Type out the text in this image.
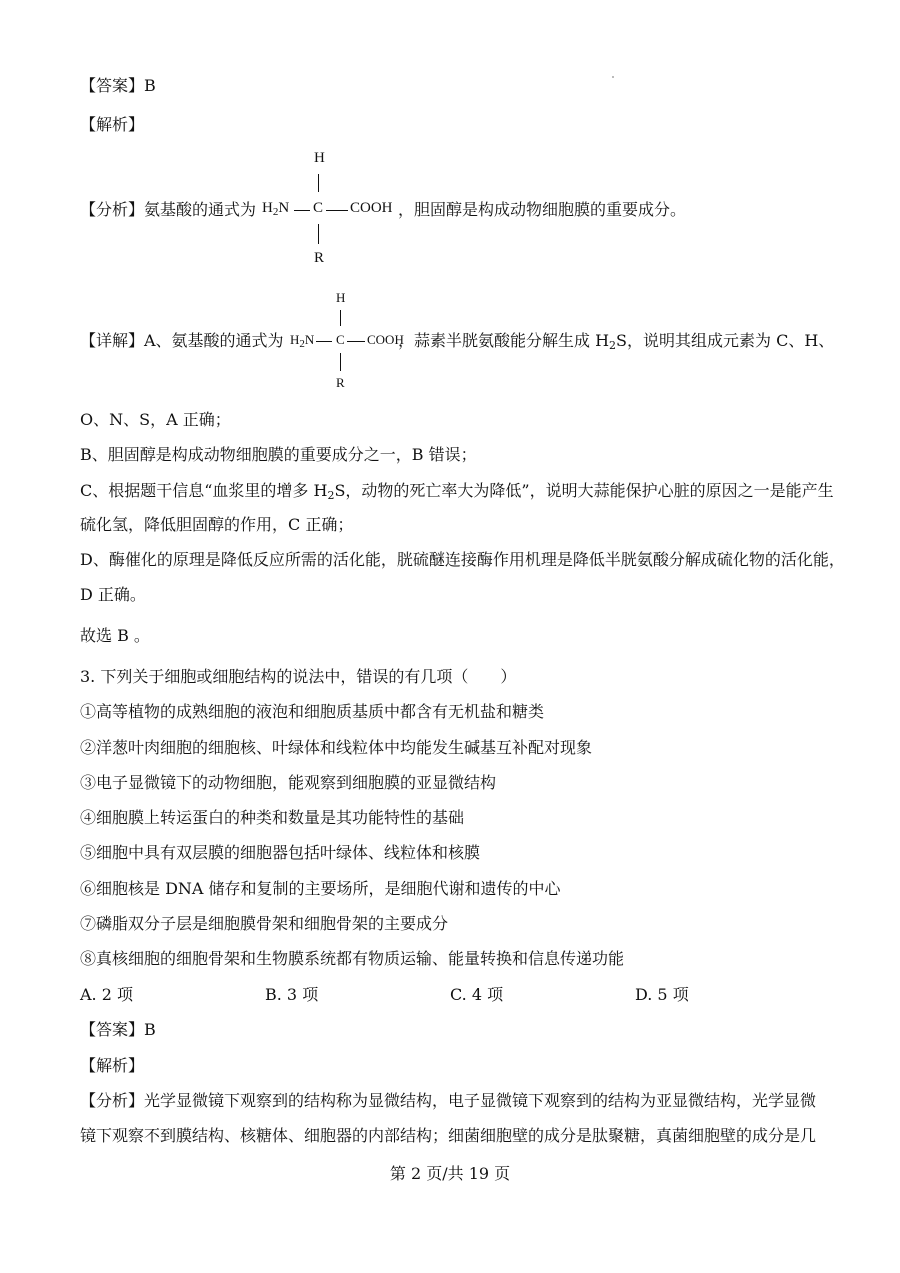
【答案】B
【解析】
【分析】氨基酸的通式为
H
$H_2N$ C COOH
R
，胆固醇是构成动物细胞膜的重要成分。
【详解】A、氨基酸的通式为
H
$H_2N$ C COOH
R
，蒜素半胱氨酸能分解生成 $H_2S$，说明其组成元素为 C、H、
O、N、S，A 正确；
B、胆固醇是构成动物细胞膜的重要成分之一，B 错误；
C、根据题干信息“血浆里的增多 $H_2S$，动物的死亡率大为降低”，说明大蒜能保护心脏的原因之一是能产生
硫化氢，降低胆固醇的作用，C 正确；
D、酶催化的原理是降低反应所需的活化能，胱硫醚连接酶作用机理是降低半胱氨酸分解成硫化物的活化能，
D 正确。
故选 B 。
3. 下列关于细胞或细胞结构的说法中，错误的有几项（　　）
①高等植物的成熟细胞的液泡和细胞质基质中都含有无机盐和糖类
②洋葱叶肉细胞的细胞核、叶绿体和线粒体中均能发生碱基互补配对现象
③电子显微镜下的动物细胞，能观察到细胞膜的亚显微结构
④细胞膜上转运蛋白的种类和数量是其功能特性的基础
⑤细胞中具有双层膜的细胞器包括叶绿体、线粒体和核膜
⑥细胞核是 DNA 储存和复制的主要场所，是细胞代谢和遗传的中心
⑦磷脂双分子层是细胞膜骨架和细胞骨架的主要成分
⑧真核细胞的细胞骨架和生物膜系统都有物质运输、能量转换和信息传递功能
A. 2 项	B. 3 项	C. 4 项	D. 5 项
【答案】B
【解析】
【分析】光学显微镜下观察到的结构称为显微结构，电子显微镜下观察到的结构为亚显微结构，光学显微
镜下观察不到膜结构、核糖体、细胞器的内部结构；细菌细胞壁的成分是肽聚糖，真菌细胞壁的成分是几
第 2 页/共 19 页
